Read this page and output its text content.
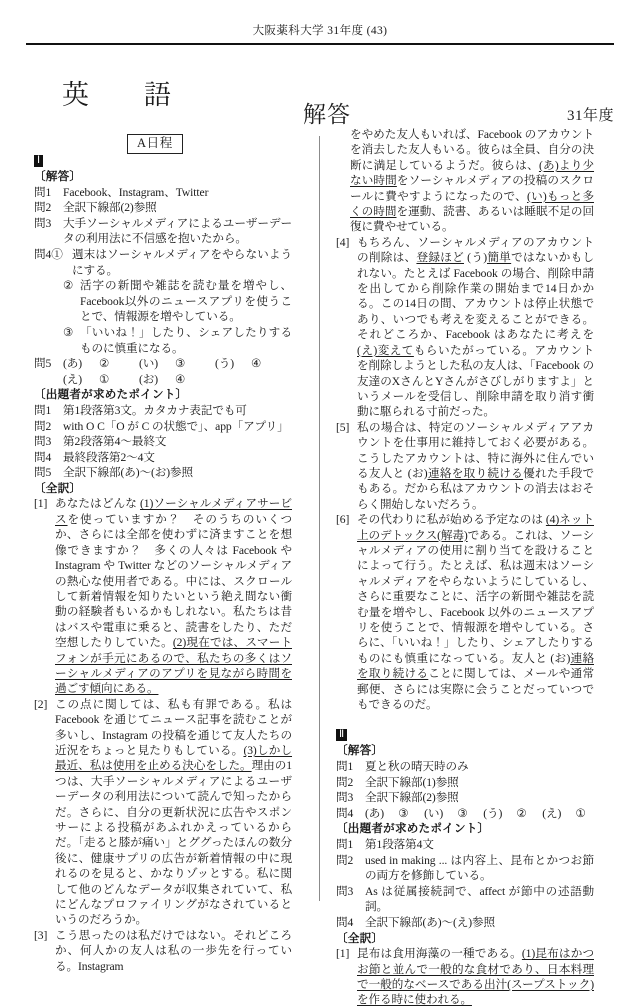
大阪薬科大学 31年度 (43)
英　語
解答	31年度
A日程
Ⅰ
〔解答〕
問1	Facebook、Instagram、Twitter
問2	全訳下線部(2)参照
問3	大手ソーシャルメディアによるユーザーデータの利用法に不信感を抱いたから。
問4① 週末はソーシャルメディアをやらないようにする。
② 活字の新聞や雑誌を読む量を増やし、Facebook以外のニュースアプリを使うことで、情報源を増やしている。
③ 「いいね！」したり、シェアしたりするものに慎重になる。
問5	(あ)	②	(い)	③	(う)	④
(え)	①	(お)	④
〔出題者が求めたポイント〕
問1	第1段落第3文。カタカナ表記でも可
問2	with O C「O が C の状態で」、app「アプリ」
問3	第2段落第4～最終文
問4	最終段落第2～4文
問5	全訳下線部(あ)～(お)参照
〔全訳〕
[1] あなたはどんな (1)ソーシャルメディアサービスを使っていますか？　そのうちのいくつか、さらには全部を使わずに済ますことを想像できますか？　多くの人々は Facebook や Instagram や Twitter などのソーシャルメディアの熱心な使用者である。中には、スクロールして新着情報を知りたいという絶え間ない衝動の経験者もいるかもしれない。私たちは昔はバスや電車に乗ると、読書をしたり、ただ空想したりしていた。(2)現在では、スマートフォンが手元にあるので、私たちの多くはソーシャルメディアのアプリを見ながら時間を過ごす傾向にある。
[2] この点に関しては、私も有罪である。私は Facebook を通じてニュース記事を読むことが多いし、Instagram の投稿を通じて友人たちの近況をちょっと見たりもしている。(3)しかし最近、私は使用を止める決心をした。理由の1つは、大手ソーシャルメディアによるユーザーデータの利用法について読んで知ったからだ。さらに、自分の更新状況に広告やスポンサーによる投稿があふれかえっているからだ。「走ると膝が痛い」とググったほんの数分後に、健康サプリの広告が新着情報の中に現れるのを見ると、かなりゾッとする。私に関して他のどんなデータが収集されていて、私にどんなプロファイリングがなされているというのだろうか。
[3] こう思ったのは私だけではない。それどころか、何人かの友人は私の一歩先を行っている。Instagram
をやめた友人もいれば、Facebook のアカウントを消去した友人もいる。彼らは全員、自分の決断に満足しているようだ。彼らは、(あ)より少ない時間をソーシャルメディアの投稿のスクロールに費やすようになったので、(い)もっと多くの時間を運動、読書、あるいは睡眠不足の回復に費やせている。
[4] もちろん、ソーシャルメディアのアカウントの削除は、登録ほど (う)簡単ではないかもしれない。たとえば Facebook の場合、削除申請を出してから削除作業の開始まで14日かかる。この14日の間、アカウントは停止状態であり、いつでも考えを変えることができる。それどころか、Facebook はあなたに考えを(え)変えてもらいたがっている。アカウントを削除しようとした私の友人は、「Facebook の友達のXさんとYさんがさびしがりますよ」というメールを受信し、削除申請を取り消す衝動に駆られる寸前だった。
[5] 私の場合は、特定のソーシャルメディアアカウントを仕事用に維持しておく必要がある。こうしたアカウントは、特に海外に住んでいる友人と (お)連絡を取り続ける優れた手段でもある。だから私はアカウントの消去はおそらく開始しないだろう。
[6] その代わりに私が始める予定なのは (4)ネット上のデトックス(解毒)である。これは、ソーシャルメディアの使用に割り当てを設けることによって行う。たとえば、私は週末はソーシャルメディアをやらないようにしているし、さらに重要なことに、活字の新聞や雑誌を読む量を増やし、Facebook 以外のニュースアプリを使うことで、情報源を増やしている。さらに、「いいね！」したり、シェアしたりするものにも慎重になっている。友人と (お)連絡を取り続けることに関しては、メールや通常郵便、さらには実際に会うことだっていつでもできるのだ。
Ⅱ
〔解答〕
問1	夏と秋の晴天時のみ
問2	全訳下線部(1)参照
問3	全訳下線部(2)参照
問4	(あ)	③	(い)	③	(う)	②	(え)	①
〔出題者が求めたポイント〕
問1	第1段落第4文
問2	used in making ... は内容上、昆布とかつお節の両方を修飾している。
問3	As は従属接続詞で、affect が節中の述語動詞。
問4	全訳下線部(あ)～(え)参照
〔全訳〕
[1] 昆布は食用海藻の一種である。(1)昆布はかつお節と並んで一般的な食材であり、日本料理で一般的なベースである出汁(スープストック)を作る時に使われる。
